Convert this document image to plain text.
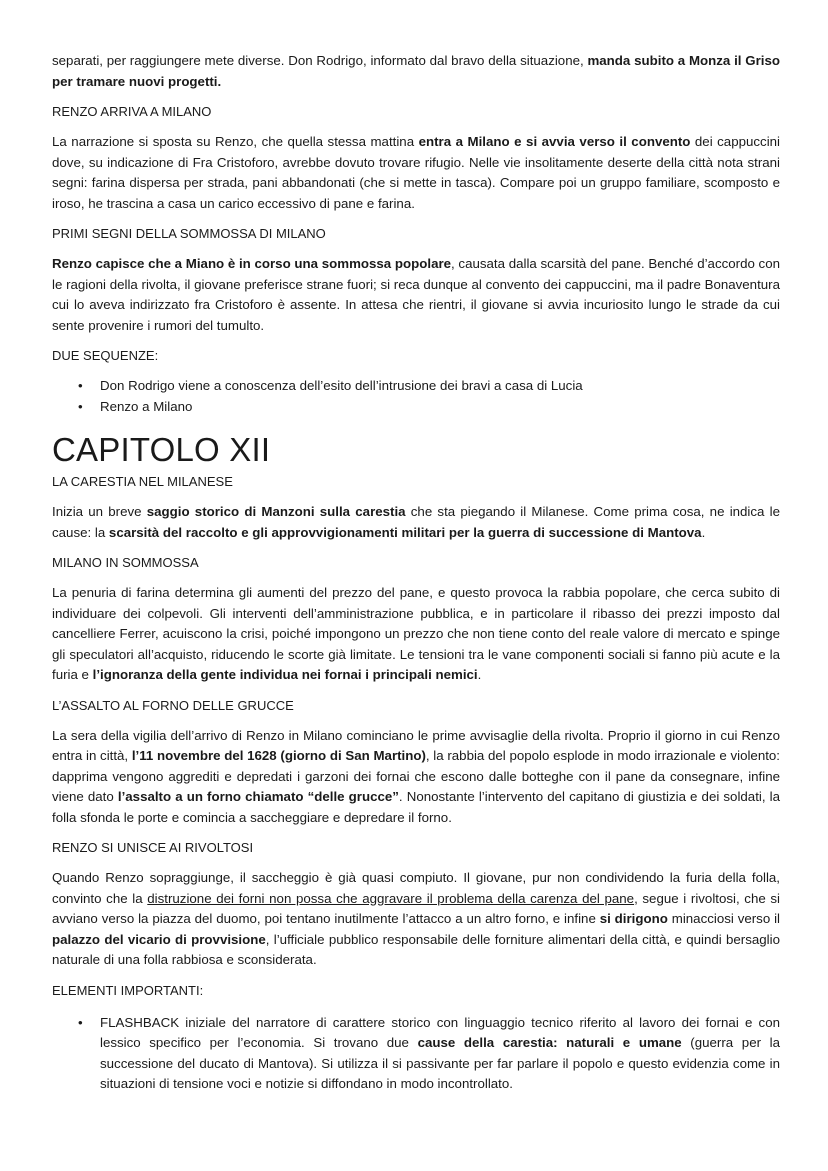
separati, per raggiungere mete diverse. Don Rodrigo, informato dal bravo della situazione, manda subito a Monza il Griso per tramare nuovi progetti.

RENZO ARRIVA A MILANO

La narrazione si sposta su Renzo, che quella stessa mattina entra a Milano e si avvia verso il convento dei cappuccini dove, su indicazione di Fra Cristoforo, avrebbe dovuto trovare rifugio. Nelle vie insolitamente deserte della città nota strani segni: farina dispersa per strada, pani abbandonati (che si mette in tasca). Compare poi un gruppo familiare, scomposto e iroso, he trascina a casa un carico eccessivo di pane e farina.

PRIMI SEGNI DELLA SOMMOSSA DI MILANO

Renzo capisce che a Miano è in corso una sommossa popolare, causata dalla scarsità del pane. Benché d’accordo con le ragioni della rivolta, il giovane preferisce strane fuori; si reca dunque al convento dei cappuccini, ma il padre Bonaventura cui lo aveva indirizzato fra Cristoforo è assente. In attesa che rientri, il giovane si avvia incuriosito lungo le strade da cui sente provenire i rumori del tumulto.

DUE SEQUENZE:

• Don Rodrigo viene a conoscenza dell’esito dell’intrusione dei bravi a casa di Lucia
• Renzo a Milano
CAPITOLO XII

LA CARESTIA NEL MILANESE

Inizia un breve saggio storico di Manzoni sulla carestia che sta piegando il Milanese. Come prima cosa, ne indica le cause: la scarsità del raccolto e gli approvvigionamenti militari per la guerra di successione di Mantova.

MILANO IN SOMMOSSA

La penuria di farina determina gli aumenti del prezzo del pane, e questo provoca la rabbia popolare, che cerca subito di individuare dei colpevoli. Gli interventi dell’amministrazione pubblica, e in particolare il ribasso dei prezzi imposto dal cancelliere Ferrer, acuiscono la crisi, poiché impongono un prezzo che non tiene conto del reale valore di mercato e spinge gli speculatori all’acquisto, riducendo le scorte già limitate. Le tensioni tra le vane componenti sociali si fanno più acute e la furia e l’ignoranza della gente individua nei fornai i principali nemici.

L’ASSALTO AL FORNO DELLE GRUCCE

La sera della vigilia dell’arrivo di Renzo in Milano cominciano le prime avvisaglie della rivolta. Proprio il giorno in cui Renzo entra in città, l’11 novembre del 1628 (giorno di San Martino), la rabbia del popolo esplode in modo irrazionale e violento: dapprima vengono aggrediti e depredati i garzoni dei fornai che escono dalle botteghe con il pane da consegnare, infine viene dato l’assalto a un forno chiamato “delle grucce”. Nonostante l’intervento del capitano di giustizia e dei soldati, la folla sfonda le porte e comincia a saccheggiare e depredare il forno.

RENZO SI UNISCE AI RIVOLTOSI

Quando Renzo sopraggiunge, il saccheggio è già quasi compiuto. Il giovane, pur non condividendo la furia della folla, convinto che la distruzione dei forni non possa che aggravare il problema della carenza del pane, segue i rivoltosi, che si avviano verso la piazza del duomo, poi tentano inutilmente l’attacco a un altro forno, e infine si dirigono minacciosi verso il palazzo del vicario di provvisione, l’ufficiale pubblico responsabile delle forniture alimentari della città, e quindi bersaglio naturale di una folla rabbiosa e sconsiderata.

ELEMENTI IMPORTANTI:

• FLASHBACK iniziale del narratore di carattere storico con linguaggio tecnico riferito al lavoro dei fornai e con lessico specifico per l’economia. Si trovano due cause della carestia: naturali e umane (guerra per la successione del ducato di Mantova). Si utilizza il si passivante per far parlare il popolo e questo evidenzia come in situazioni di tensione voci e notizie si diffondano in modo incontrollato.
